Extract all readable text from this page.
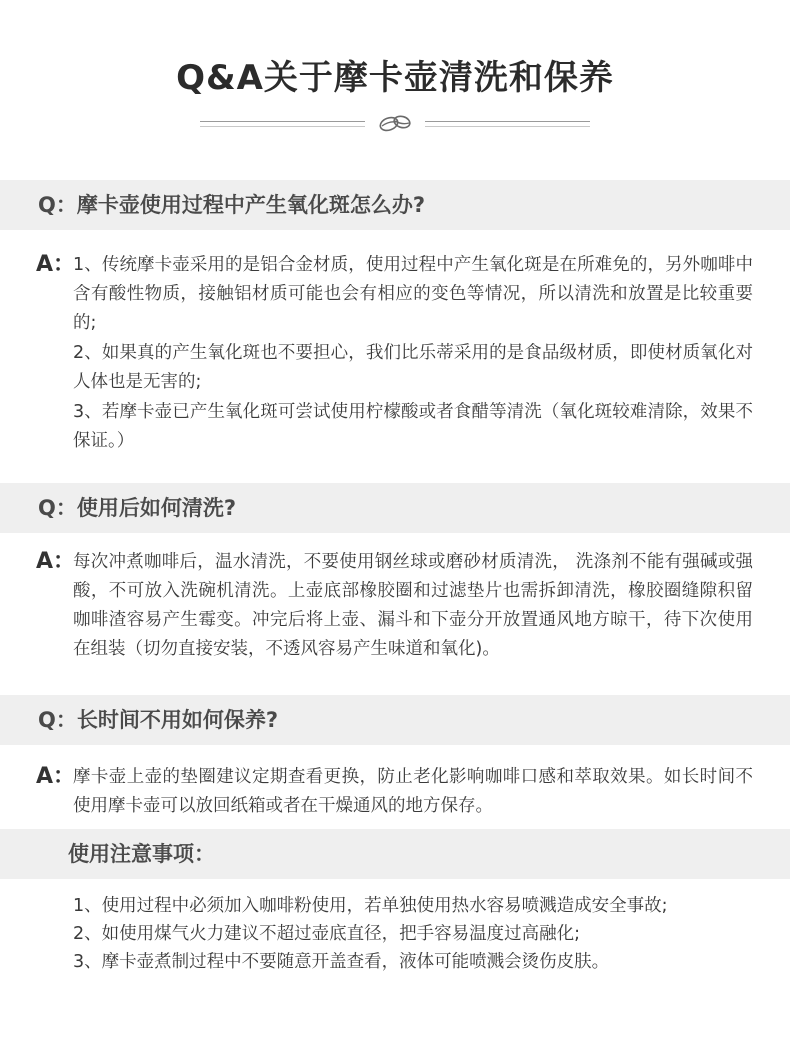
Q&A关于摩卡壶清洗和保养
Q：摩卡壶使用过程中产生氧化斑怎么办?
A：

1、传统摩卡壶采用的是铝合金材质，使用过程中产生氧化斑是在所难免的，另外咖啡中含有酸性物质，接触铝材质可能也会有相应的变色等情况，所以清洗和放置是比较重要的;

2、如果真的产生氧化斑也不要担心，我们比乐蒂采用的是食品级材质，即使材质氧化对人体也是无害的;

3、若摩卡壶已产生氧化斑可尝试使用柠檬酸或者食醋等清洗（氧化斑较难清除，效果不保证。）

Q：使用后如何清洗?
A：

每次冲煮咖啡后，温水清洗，不要使用钢丝球或磨砂材质清洗， 洗涤剂不能有强碱或强酸，不可放入洗碗机清洗。上壶底部橡胶圈和过滤垫片也需拆卸清洗，橡胶圈缝隙积留咖啡渣容易产生霉变。冲完后将上壶、漏斗和下壶分开放置通风地方晾干，待下次使用在组装（切勿直接安装，不透风容易产生味道和氧化)。

Q：长时间不用如何保养?
A：

摩卡壶上壶的垫圈建议定期查看更换，防止老化影响咖啡口感和萃取效果。如长时间不使用摩卡壶可以放回纸箱或者在干燥通风的地方保存。

使用注意事项：

1、使用过程中必须加入咖啡粉使用，若单独使用热水容易喷溅造成安全事故;

2、如使用煤气火力建议不超过壶底直径，把手容易温度过高融化;

3、摩卡壶煮制过程中不要随意开盖查看，液体可能喷溅会烫伤皮肤。
